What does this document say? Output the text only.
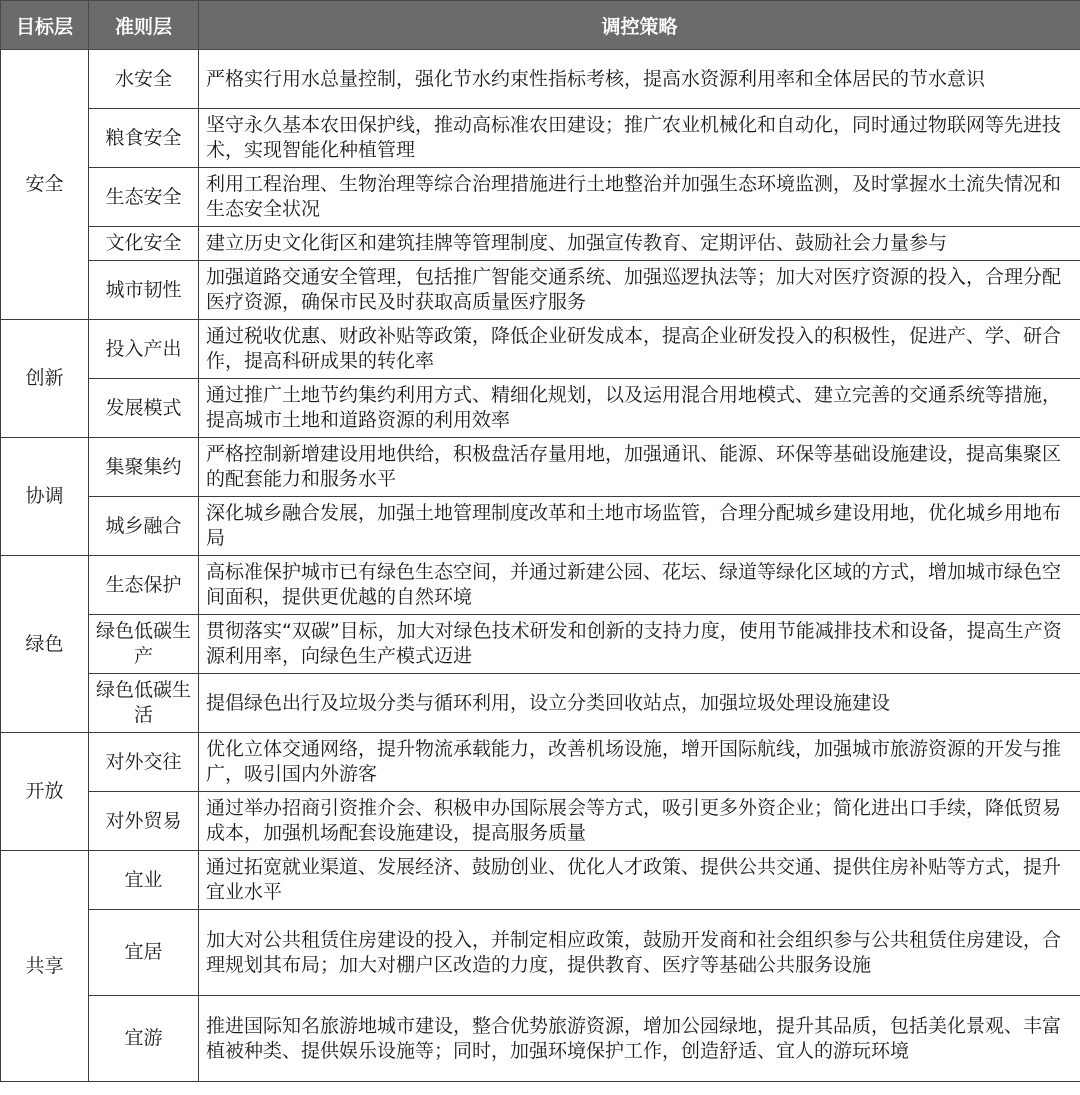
目标层	准则层	调控策略
安全	水安全	严格实行用水总量控制，强化节水约束性指标考核，提高水资源利用率和全体居民的节水意识
	粮食安全	坚守永久基本农田保护线，推动高标准农田建设；推广农业机械化和自动化，同时通过物联网等先进技术，实现智能化种植管理
	生态安全	利用工程治理、生物治理等综合治理措施进行土地整治并加强生态环境监测，及时掌握水土流失情况和生态安全状况
	文化安全	建立历史文化街区和建筑挂牌等管理制度、加强宣传教育、定期评估、鼓励社会力量参与
	城市韧性	加强道路交通安全管理，包括推广智能交通系统、加强巡逻执法等；加大对医疗资源的投入，合理分配医疗资源，确保市民及时获取高质量医疗服务
创新	投入产出	通过税收优惠、财政补贴等政策，降低企业研发成本，提高企业研发投入的积极性，促进产、学、研合作，提高科研成果的转化率
	发展模式	通过推广土地节约集约利用方式、精细化规划，以及运用混合用地模式、建立完善的交通系统等措施，提高城市土地和道路资源的利用效率
协调	集聚集约	严格控制新增建设用地供给，积极盘活存量用地，加强通讯、能源、环保等基础设施建设，提高集聚区的配套能力和服务水平
	城乡融合	深化城乡融合发展，加强土地管理制度改革和土地市场监管，合理分配城乡建设用地，优化城乡用地布局
绿色	生态保护	高标准保护城市已有绿色生态空间，并通过新建公园、花坛、绿道等绿化区域的方式，增加城市绿色空间面积，提供更优越的自然环境
	绿色低碳生产	贯彻落实“双碳”目标，加大对绿色技术研发和创新的支持力度，使用节能减排技术和设备，提高生产资源利用率，向绿色生产模式迈进
	绿色低碳生活	提倡绿色出行及垃圾分类与循环利用，设立分类回收站点，加强垃圾处理设施建设
开放	对外交往	优化立体交通网络，提升物流承载能力，改善机场设施，增开国际航线，加强城市旅游资源的开发与推广，吸引国内外游客
	对外贸易	通过举办招商引资推介会、积极申办国际展会等方式，吸引更多外资企业；简化进出口手续，降低贸易成本，加强机场配套设施建设，提高服务质量
共享	宜业	通过拓宽就业渠道、发展经济、鼓励创业、优化人才政策、提供公共交通、提供住房补贴等方式，提升宜业水平
	宜居	加大对公共租赁住房建设的投入，并制定相应政策，鼓励开发商和社会组织参与公共租赁住房建设，合理规划其布局；加大对棚户区改造的力度，提供教育、医疗等基础公共服务设施
	宜游	推进国际知名旅游地城市建设，整合优势旅游资源，增加公园绿地，提升其品质，包括美化景观、丰富植被种类、提供娱乐设施等；同时，加强环境保护工作，创造舒适、宜人的游玩环境
